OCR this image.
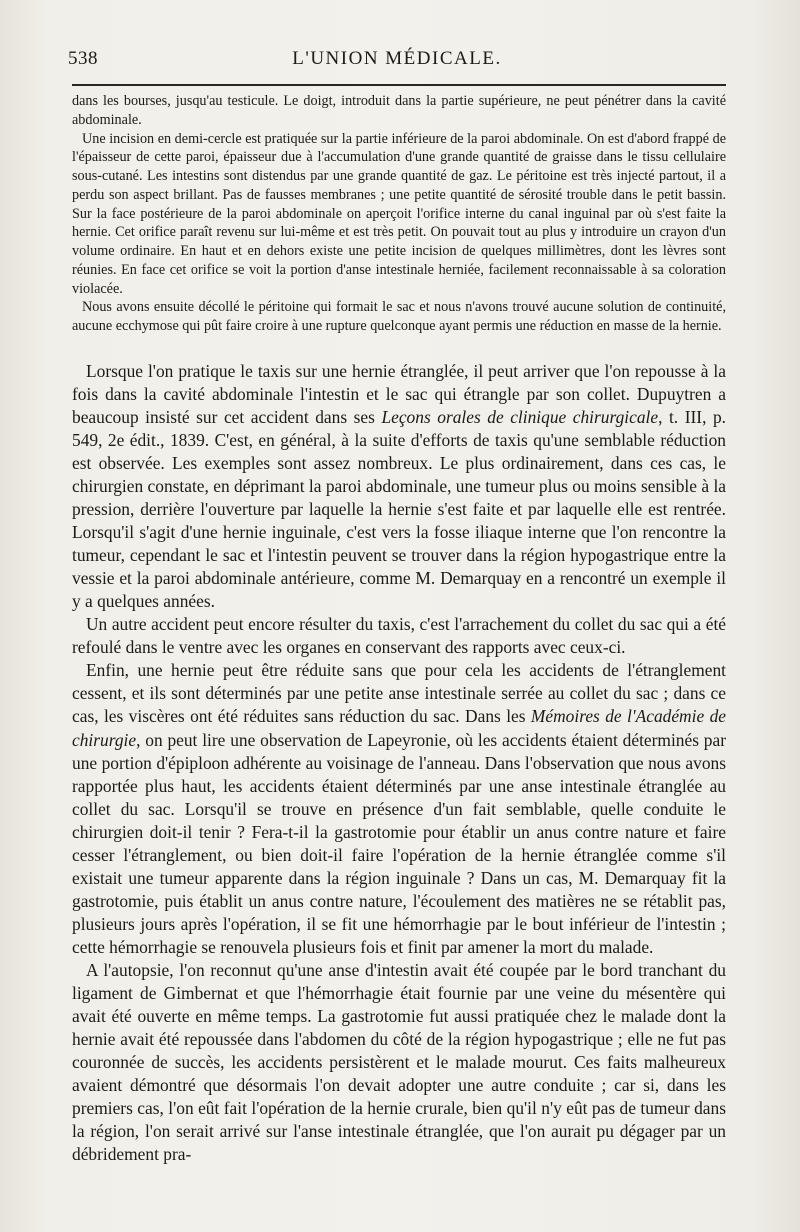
538	L'UNION MÉDICALE.

dans les bourses, jusqu'au testicule. Le doigt, introduit dans la partie supérieure, ne peut pénétrer dans la cavité abdominale.

Une incision en demi-cercle est pratiquée sur la partie inférieure de la paroi abdominale. On est d'abord frappé de l'épaisseur de cette paroi, épaisseur due à l'accumulation d'une grande quantité de graisse dans le tissu cellulaire sous-cutané. Les intestins sont distendus par une grande quantité de gaz. Le péritoine est très injecté partout, il a perdu son aspect brillant. Pas de fausses membranes ; une petite quantité de sérosité trouble dans le petit bassin. Sur la face postérieure de la paroi abdominale on aperçoit l'orifice interne du canal inguinal par où s'est faite la hernie. Cet orifice paraît revenu sur lui-même et est très petit. On pouvait tout au plus y introduire un crayon d'un volume ordinaire. En haut et en dehors existe une petite incision de quelques millimètres, dont les lèvres sont réunies. En face cet orifice se voit la portion d'anse intestinale herniée, facilement reconnaissable à sa coloration violacée.

Nous avons ensuite décollé le péritoine qui formait le sac et nous n'avons trouvé aucune solution de continuité, aucune ecchymose qui pût faire croire à une rupture quelconque ayant permis une réduction en masse de la hernie.

Lorsque l'on pratique le taxis sur une hernie étranglée, il peut arriver que l'on repousse à la fois dans la cavité abdominale l'intestin et le sac qui étrangle par son collet. Dupuytren a beaucoup insisté sur cet accident dans ses Leçons orales de clinique chirurgicale, t. III, p. 549, 2e édit., 1839. C'est, en général, à la suite d'efforts de taxis qu'une semblable réduction est observée. Les exemples sont assez nombreux. Le plus ordinairement, dans ces cas, le chirurgien constate, en déprimant la paroi abdominale, une tumeur plus ou moins sensible à la pression, derrière l'ouverture par laquelle la hernie s'est faite et par laquelle elle est rentrée. Lorsqu'il s'agit d'une hernie inguinale, c'est vers la fosse iliaque interne que l'on rencontre la tumeur, cependant le sac et l'intestin peuvent se trouver dans la région hypogastrique entre la vessie et la paroi abdominale antérieure, comme M. Demarquay en a rencontré un exemple il y a quelques années.

Un autre accident peut encore résulter du taxis, c'est l'arrachement du collet du sac qui a été refoulé dans le ventre avec les organes en conservant des rapports avec ceux-ci.

Enfin, une hernie peut être réduite sans que pour cela les accidents de l'étranglement cessent, et ils sont déterminés par une petite anse intestinale serrée au collet du sac ; dans ce cas, les viscères ont été réduites sans réduction du sac. Dans les Mémoires de l'Académie de chirurgie, on peut lire une observation de Lapeyronie, où les accidents étaient déterminés par une portion d'épiploon adhérente au voisinage de l'anneau. Dans l'observation que nous avons rapportée plus haut, les accidents étaient déterminés par une anse intestinale étranglée au collet du sac. Lorsqu'il se trouve en présence d'un fait semblable, quelle conduite le chirurgien doit-il tenir ? Fera-t-il la gastrotomie pour établir un anus contre nature et faire cesser l'étranglement, ou bien doit-il faire l'opération de la hernie étranglée comme s'il existait une tumeur apparente dans la région inguinale ? Dans un cas, M. Demarquay fit la gastrotomie, puis établit un anus contre nature, l'écoulement des matières ne se rétablit pas, plusieurs jours après l'opération, il se fit une hémorrhagie par le bout inférieur de l'intestin ; cette hémorrhagie se renouvela plusieurs fois et finit par amener la mort du malade.

A l'autopsie, l'on reconnut qu'une anse d'intestin avait été coupée par le bord tranchant du ligament de Gimbernat et que l'hémorrhagie était fournie par une veine du mésentère qui avait été ouverte en même temps. La gastrotomie fut aussi pratiquée chez le malade dont la hernie avait été repoussée dans l'abdomen du côté de la région hypogastrique ; elle ne fut pas couronnée de succès, les accidents persistèrent et le malade mourut. Ces faits malheureux avaient démontré que désormais l'on devait adopter une autre conduite ; car si, dans les premiers cas, l'on eût fait l'opération de la hernie crurale, bien qu'il n'y eût pas de tumeur dans la région, l'on serait arrivé sur l'anse intestinale étranglée, que l'on aurait pu dégager par un débridement pra-
